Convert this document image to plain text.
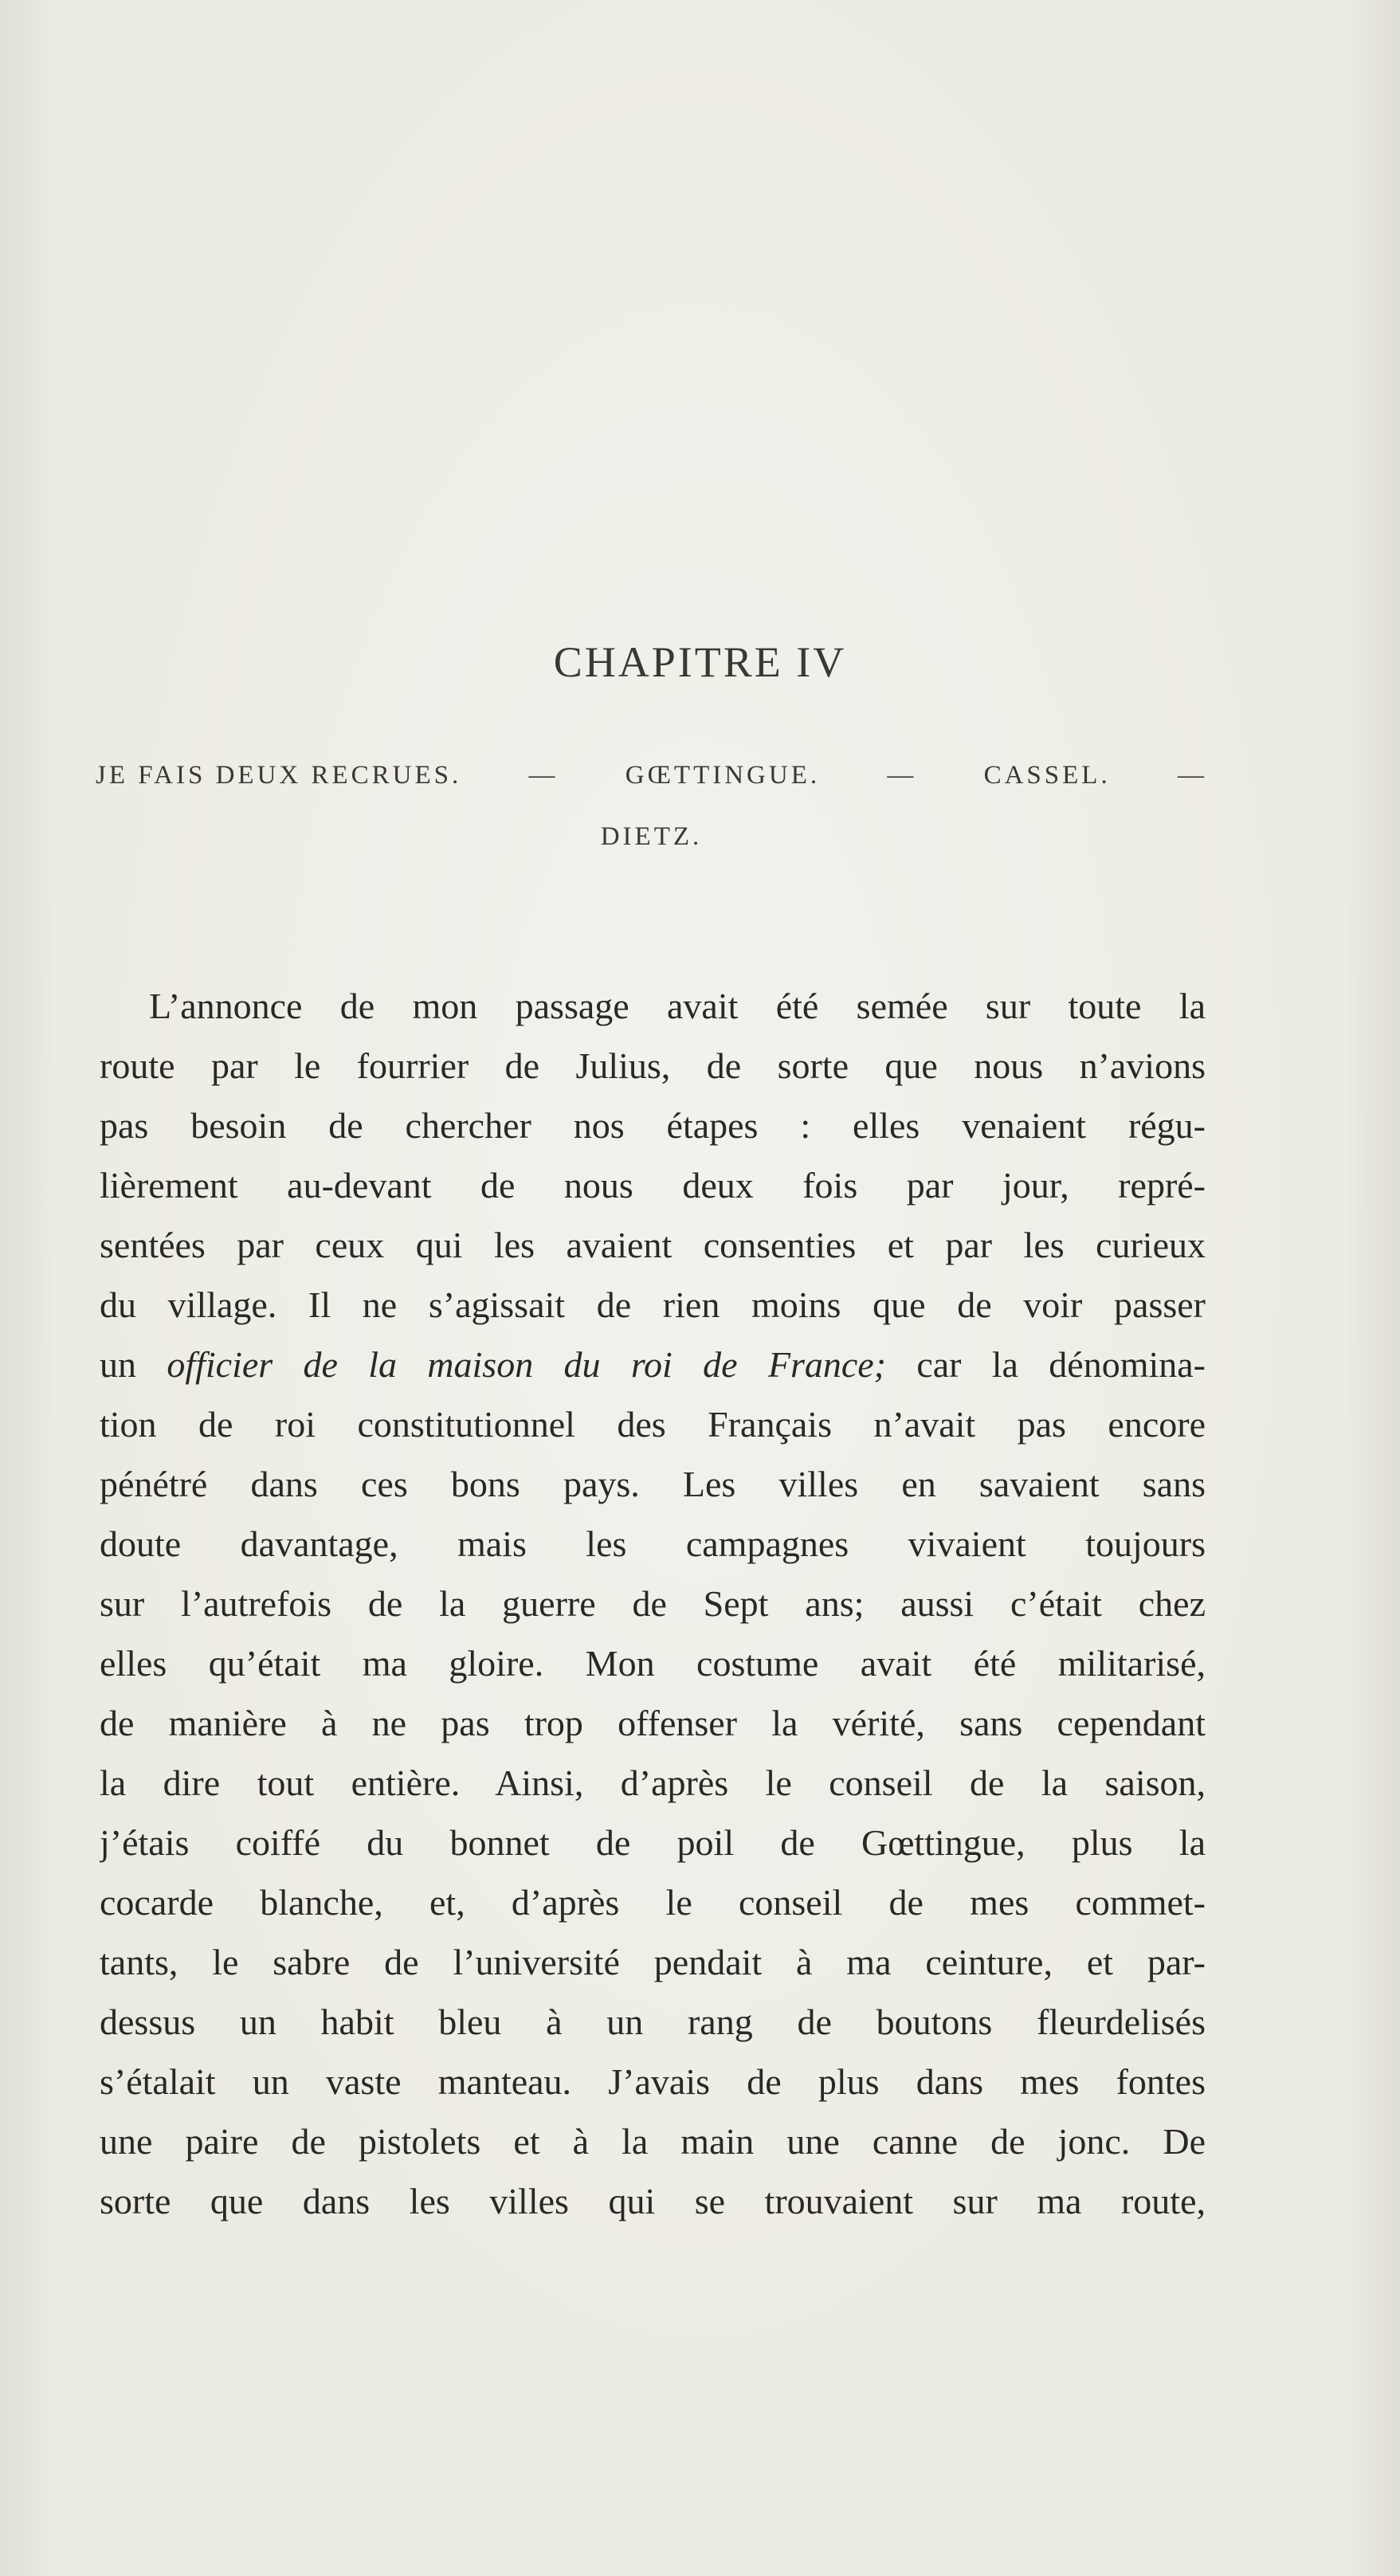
CHAPITRE IV
JE FAIS DEUX RECRUES.	—	GŒTTINGUE.	—	CASSEL.	—
DIETZ.
L’annonce de mon passage avait été semée sur toute la
route par le fourrier de Julius, de sorte que nous n’avions
pas besoin de chercher nos étapes : elles venaient régu-
lièrement au-devant de nous deux fois par jour, repré-
sentées par ceux qui les avaient consenties et par les curieux
du village. Il ne s’agissait de rien moins que de voir passer
un officier de la maison du roi de France; car la dénomina-
tion de roi constitutionnel des Français n’avait pas encore
pénétré dans ces bons pays. Les villes en savaient sans
doute davantage, mais les campagnes vivaient toujours
sur l’autrefois de la guerre de Sept ans; aussi c’était chez
elles qu’était ma gloire. Mon costume avait été militarisé,
de manière à ne pas trop offenser la vérité, sans cependant
la dire tout entière. Ainsi, d’après le conseil de la saison,
j’étais coiffé du bonnet de poil de Gœttingue, plus la
cocarde blanche, et, d’après le conseil de mes commet-
tants, le sabre de l’université pendait à ma ceinture, et par-
dessus un habit bleu à un rang de boutons fleurdelisés
s’étalait un vaste manteau. J’avais de plus dans mes fontes
une paire de pistolets et à la main une canne de jonc. De
sorte que dans les villes qui se trouvaient sur ma route,
